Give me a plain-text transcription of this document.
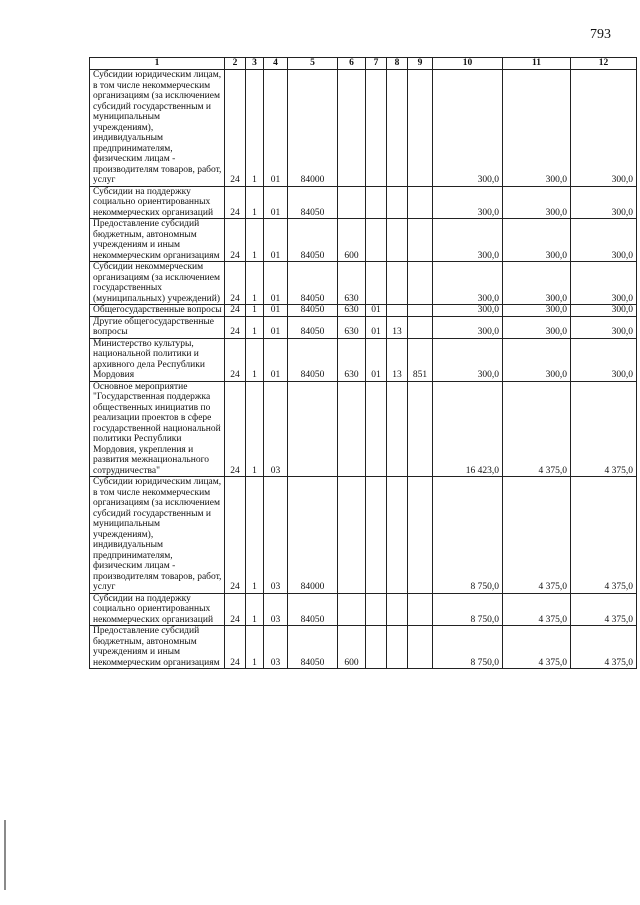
793
1	2	3	4	5	6	7	8	9	10	11	12
Субсидии юридическим лицам, в том числе некоммерческим организациям (за исключением субсидий государственным и муниципальным учреждениям), индивидуальным предпринимателям, физическим лицам - производителям товаров, работ, услуг	24	1	01	84000					300,0	300,0	300,0
Субсидии на поддержку социально ориентированных некоммерческих организаций	24	1	01	84050					300,0	300,0	300,0
Предоставление субсидий бюджетным, автономным учреждениям и иным некоммерческим организациям	24	1	01	84050	600				300,0	300,0	300,0
Субсидии некоммерческим организациям (за исключением государственных (муниципальных) учреждений)	24	1	01	84050	630				300,0	300,0	300,0
Общегосударственные вопросы	24	1	01	84050	630	01			300,0	300,0	300,0
Другие общегосударственные вопросы	24	1	01	84050	630	01	13		300,0	300,0	300,0
Министерство культуры, национальной политики и архивного дела Республики Мордовия	24	1	01	84050	630	01	13	851	300,0	300,0	300,0
Основное мероприятие "Государственная поддержка общественных инициатив по реализации проектов в сфере государственной национальной политики Республики Мордовия, укрепления и развития межнационального сотрудничества"	24	1	03						16 423,0	4 375,0	4 375,0
Субсидии юридическим лицам, в том числе некоммерческим организациям (за исключением субсидий государственным и муниципальным учреждениям), индивидуальным предпринимателям, физическим лицам - производителям товаров, работ, услуг	24	1	03	84000					8 750,0	4 375,0	4 375,0
Субсидии на поддержку социально ориентированных некоммерческих организаций	24	1	03	84050					8 750,0	4 375,0	4 375,0
Предоставление субсидий бюджетным, автономным учреждениям и иным некоммерческим организациям	24	1	03	84050	600				8 750,0	4 375,0	4 375,0
